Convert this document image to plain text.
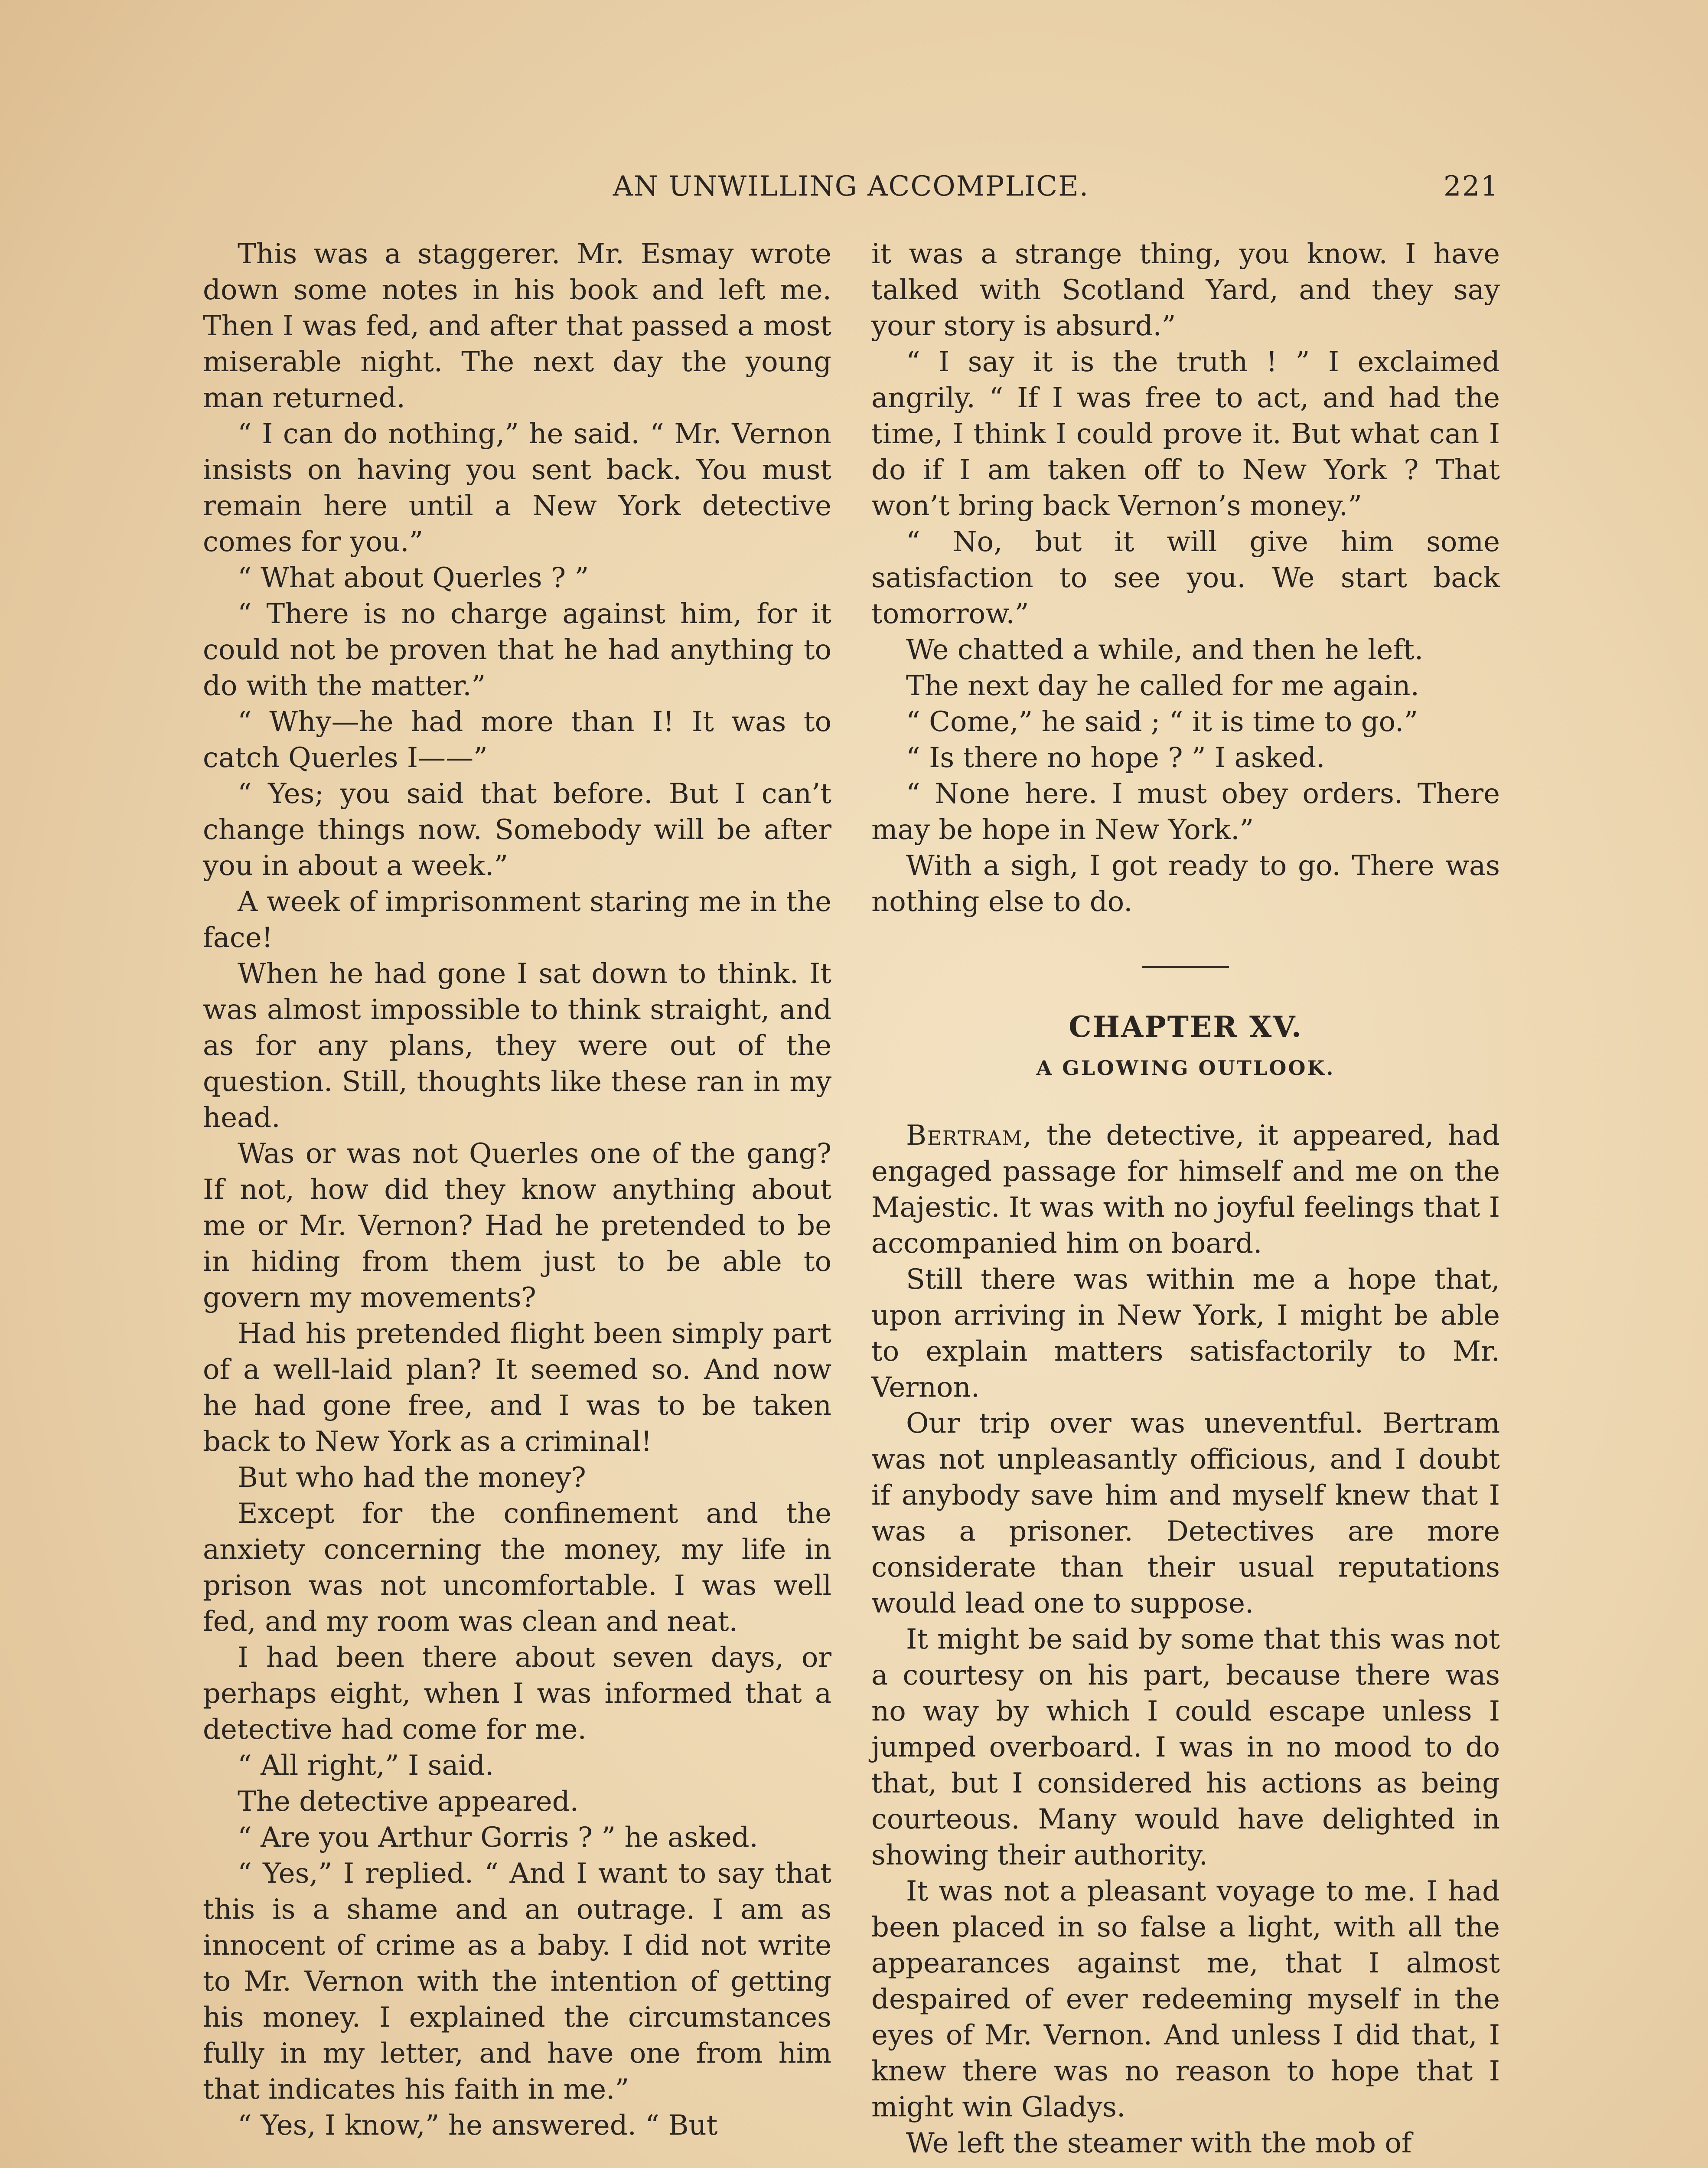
AN UNWILLING ACCOMPLICE.	221

This was a staggerer. Mr. Esmay wrote down some notes in his book and left me. Then I was fed, and after that passed a most miserable night. The next day the young man returned.

“ I can do nothing,” he said. “ Mr. Vernon insists on having you sent back. You must remain here until a New York detective comes for you.”

“ What about Querles ? ”

“ There is no charge against him, for it could not be proven that he had anything to do with the matter.”

“ Why—he had more than I! It was to catch Querles I——”

“ Yes; you said that before. But I can’t change things now. Somebody will be after you in about a week.”

A week of imprisonment staring me in the face!

When he had gone I sat down to think. It was almost impossible to think straight, and as for any plans, they were out of the question. Still, thoughts like these ran in my head.

Was or was not Querles one of the gang? If not, how did they know anything about me or Mr. Vernon? Had he pretended to be in hiding from them just to be able to govern my movements?

Had his pretended flight been simply part of a well-laid plan? It seemed so. And now he had gone free, and I was to be taken back to New York as a criminal!

But who had the money?

Except for the confinement and the anxiety concerning the money, my life in prison was not uncomfortable. I was well fed, and my room was clean and neat.

I had been there about seven days, or perhaps eight, when I was informed that a detective had come for me.

“ All right,” I said.

The detective appeared.

“ Are you Arthur Gorris ? ” he asked.

“ Yes,” I replied. “ And I want to say that this is a shame and an outrage. I am as innocent of crime as a baby. I did not write to Mr. Vernon with the intention of getting his money. I explained the circumstances fully in my letter, and have one from him that indicates his faith in me.”

“ Yes, I know,” he answered. “ But

it was a strange thing, you know. I have talked with Scotland Yard, and they say your story is absurd.”

“ I say it is the truth ! ” I exclaimed angrily. “ If I was free to act, and had the time, I think I could prove it. But what can I do if I am taken off to New York ? That won’t bring back Vernon’s money.”

“ No, but it will give him some satisfaction to see you. We start back tomorrow.”

We chatted a while, and then he left.

The next day he called for me again.

“ Come,” he said ; “ it is time to go.”

“ Is there no hope ? ” I asked.

“ None here. I must obey orders. There may be hope in New York.”

With a sigh, I got ready to go. There was nothing else to do.

CHAPTER XV.
A GLOWING OUTLOOK.

Bertram, the detective, it appeared, had engaged passage for himself and me on the Majestic. It was with no joyful feelings that I accompanied him on board.

Still there was within me a hope that, upon arriving in New York, I might be able to explain matters satisfactorily to Mr. Vernon.

Our trip over was uneventful. Bertram was not unpleasantly officious, and I doubt if anybody save him and myself knew that I was a prisoner. Detectives are more considerate than their usual reputations would lead one to suppose.

It might be said by some that this was not a courtesy on his part, because there was no way by which I could escape unless I jumped overboard. I was in no mood to do that, but I considered his actions as being courteous. Many would have delighted in showing their authority.

It was not a pleasant voyage to me. I had been placed in so false a light, with all the appearances against me, that I almost despaired of ever redeeming myself in the eyes of Mr. Vernon. And unless I did that, I knew there was no reason to hope that I might win Gladys.

We left the steamer with the mob of
